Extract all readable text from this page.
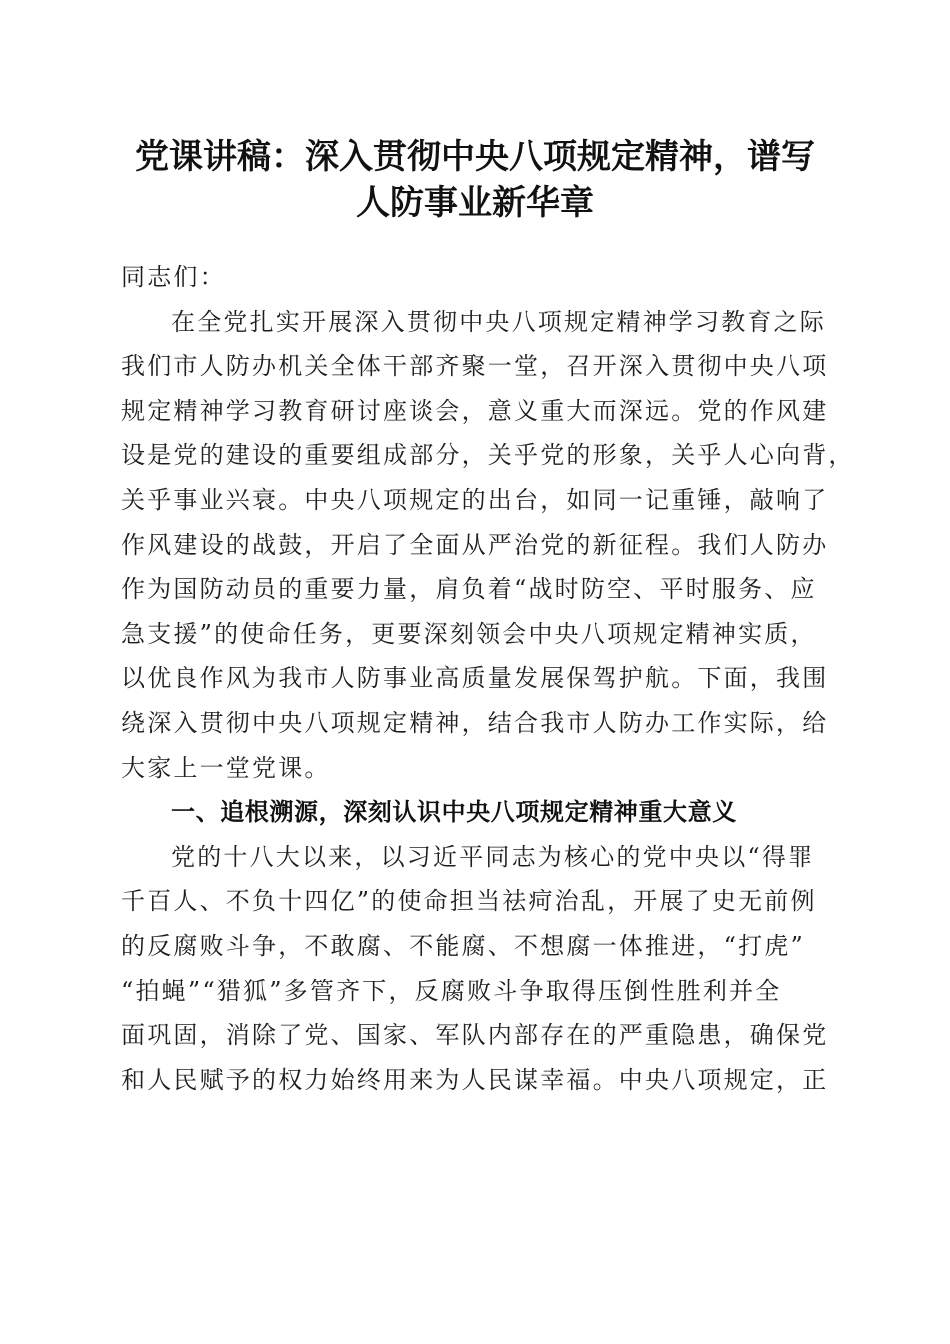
党课讲稿：深入贯彻中央八项规定精神，谱写
人防事业新华章
同志们：
在全党扎实开展深入贯彻中央八项规定精神学习教育之际
我们市人防办机关全体干部齐聚一堂，召开深入贯彻中央八项
规定精神学习教育研讨座谈会，意义重大而深远。党的作风建
设是党的建设的重要组成部分，关乎党的形象，关乎人心向背，
关乎事业兴衰。中央八项规定的出台，如同一记重锤，敲响了
作风建设的战鼓，开启了全面从严治党的新征程。我们人防办
作为国防动员的重要力量，肩负着“战时防空、平时服务、应
急支援”的使命任务，更要深刻领会中央八项规定精神实质，
以优良作风为我市人防事业高质量发展保驾护航。下面，我围
绕深入贯彻中央八项规定精神，结合我市人防办工作实际，给
大家上一堂党课。
一、追根溯源，深刻认识中央八项规定精神重大意义
党的十八大以来，以习近平同志为核心的党中央以“得罪
千百人、不负十四亿”的使命担当祛疴治乱，开展了史无前例
的反腐败斗争，不敢腐、不能腐、不想腐一体推进，“打虎”
“拍蝇”“猎狐”多管齐下，反腐败斗争取得压倒性胜利并全
面巩固，消除了党、国家、军队内部存在的严重隐患，确保党
和人民赋予的权力始终用来为人民谋幸福。中央八项规定，正
